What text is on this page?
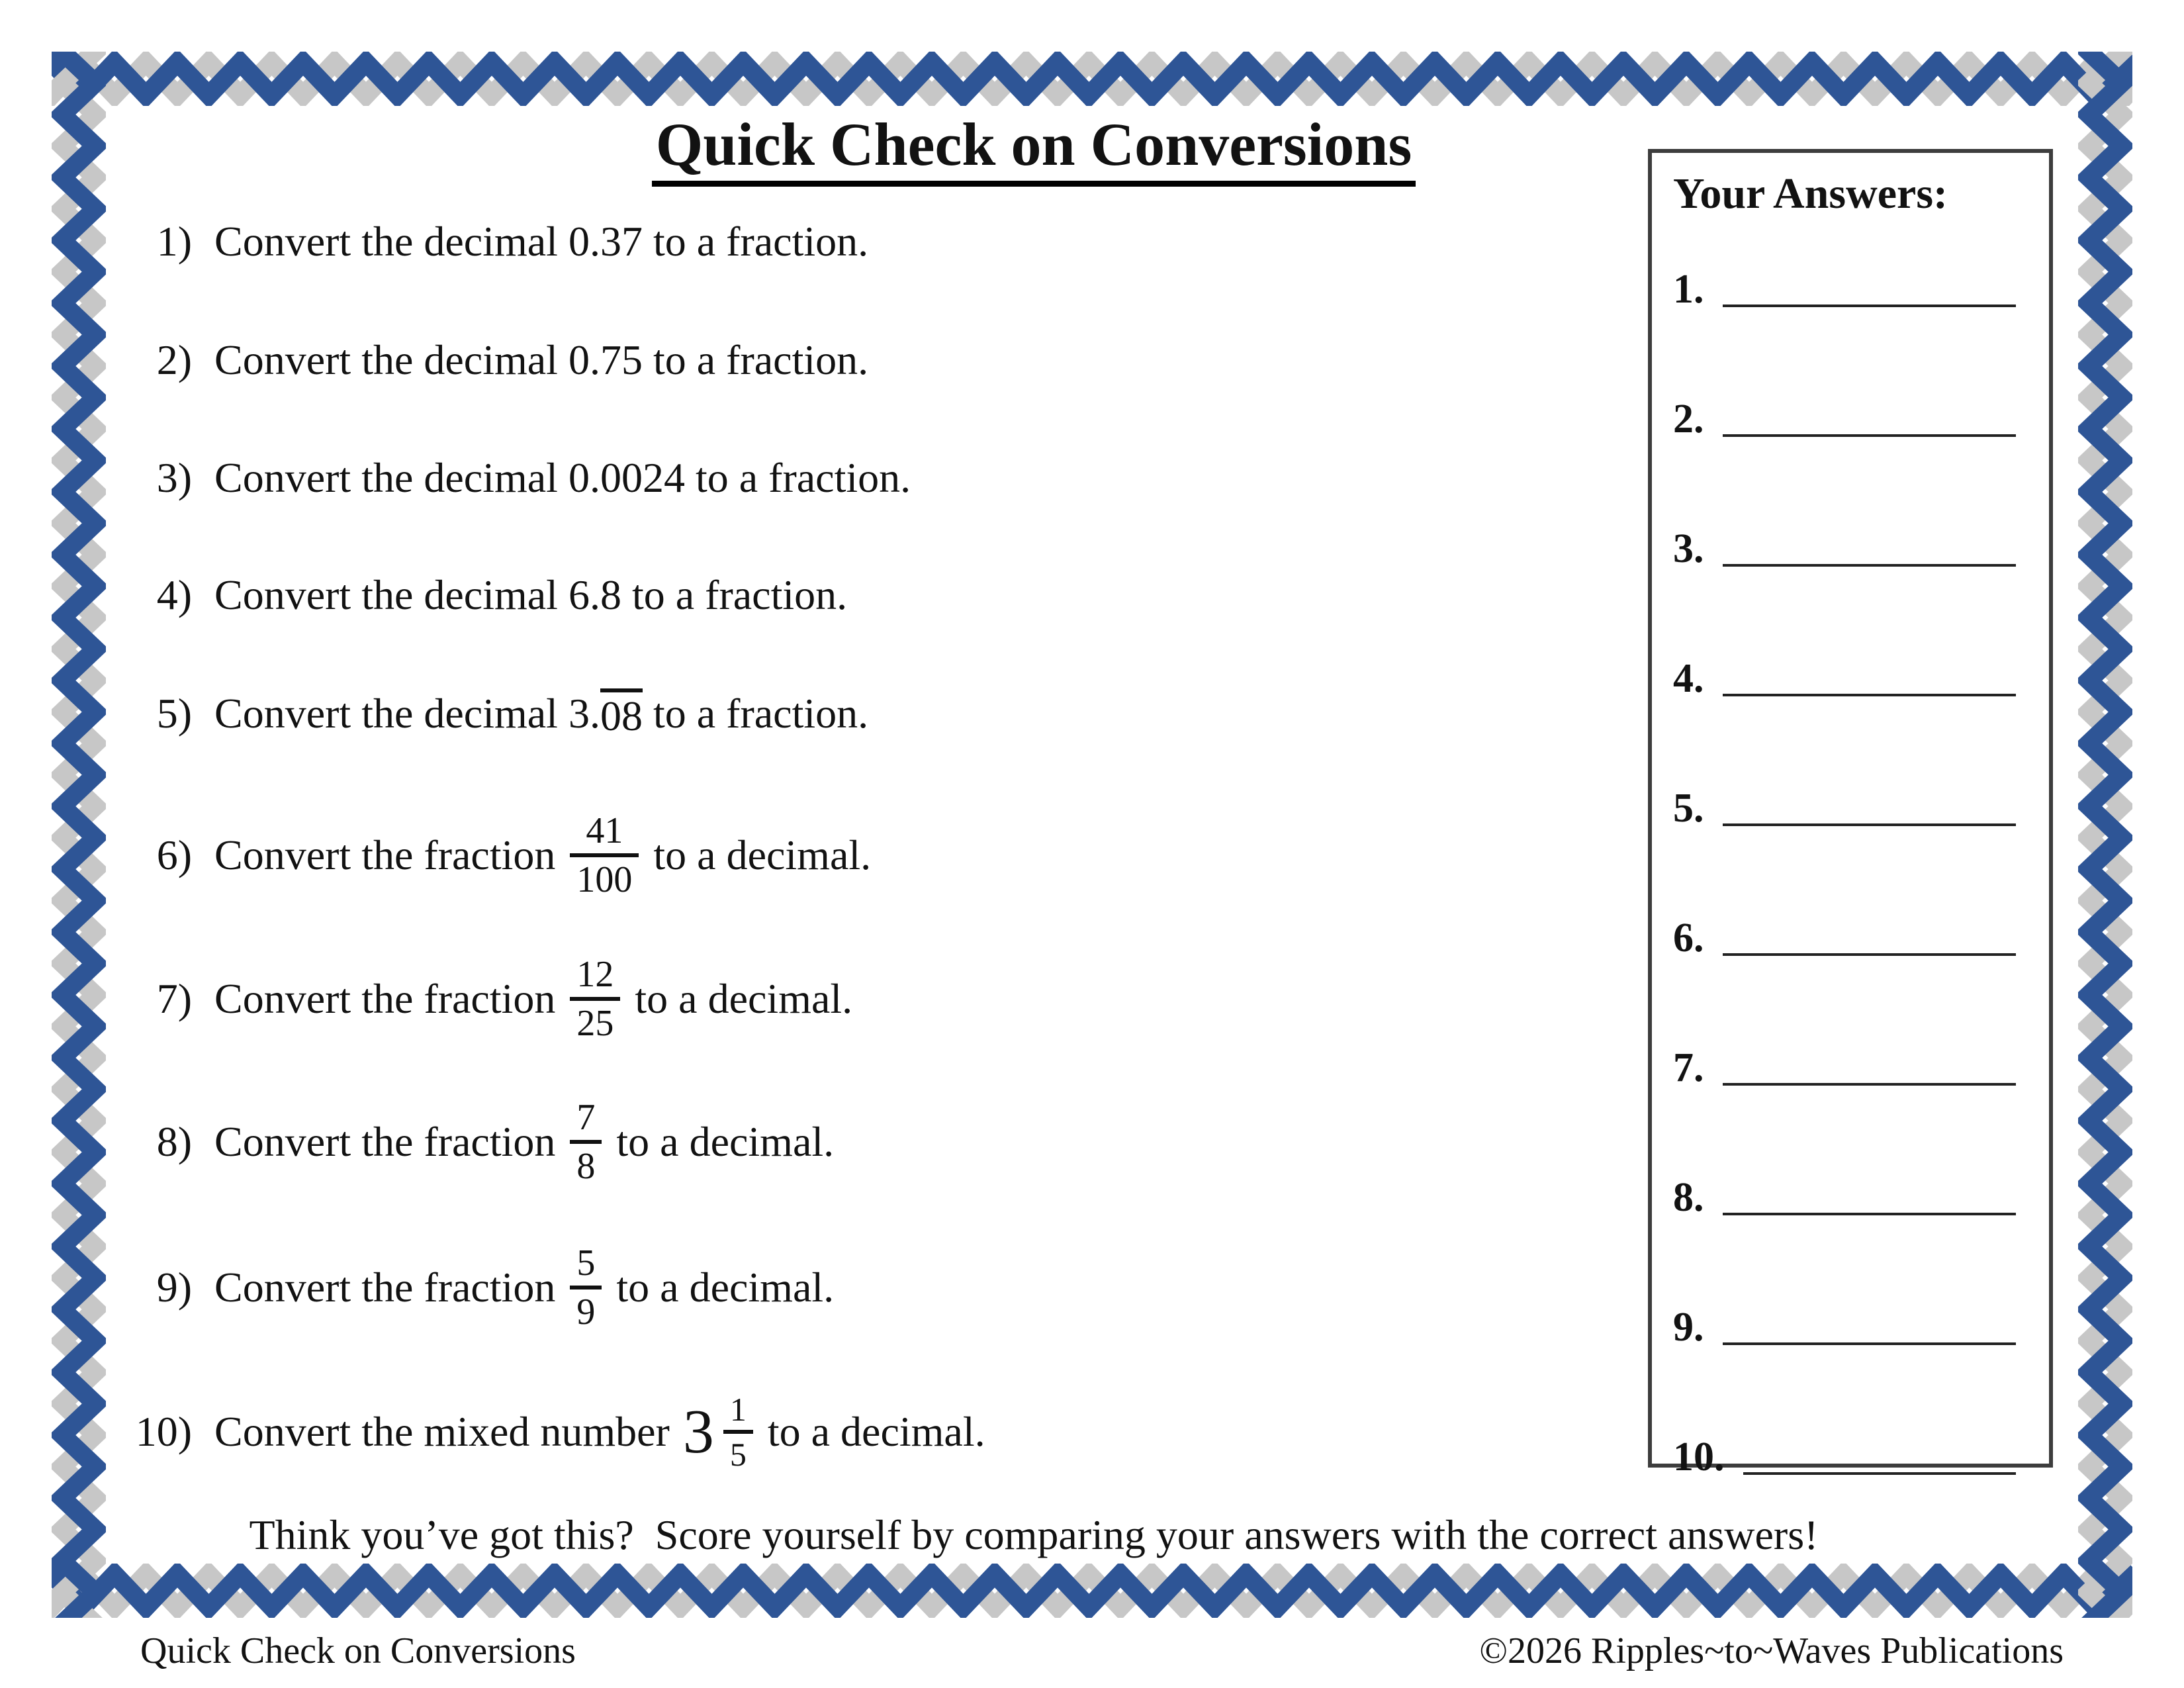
Quick Check on Conversions
1) Convert the decimal 0.37 to a fraction.
2) Convert the decimal 0.75 to a fraction.
3) Convert the decimal 0.0024 to a fraction.
4) Convert the decimal 6.8 to a fraction.
5) Convert the decimal 3. 08 to a fraction.
6) Convert the fraction
41
100
to a decimal.
7) Convert the fraction
12
25
to a decimal.
8) Convert the fraction
7
8
to a decimal.
9) Convert the fraction
5
9
to a decimal.
10) Convert the mixed number 3 1
5 to a decimal.
Your Answers:
1.
2.
3.
4.
5.
6.
7.
8.
9.
10.
Think you’ve got this?  Score yourself by comparing your answers with the correct answers!
Quick Check on Conversions	©2026 Ripples~to~Waves Publications
